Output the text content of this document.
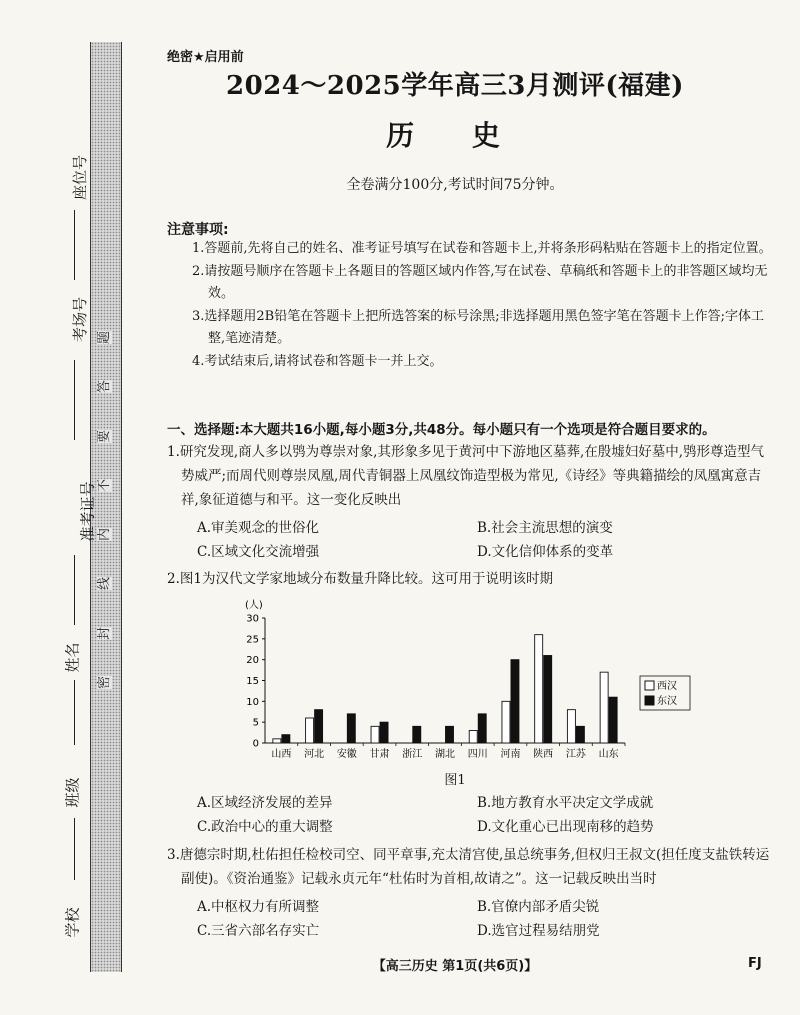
题
答
要
不
内
线
封
密
座位号
考场号
准考证号
姓名
班级
学校
绝密★启用前
2024～2025学年高三3月测评(福建)
历 史
全卷满分100分,考试时间75分钟。
注意事项:

1.答题前,先将自己的姓名、准考证号填写在试卷和答题卡上,并将条形码粘贴在答题卡上的指定位置。

2.请按题号顺序在答题卡上各题目的答题区域内作答,写在试卷、草稿纸和答题卡上的非答题区域均无效。

3.选择题用2B铅笔在答题卡上把所选答案的标号涂黑;非选择题用黑色签字笔在答题卡上作答;字体工整,笔迹清楚。

4.考试结束后,请将试卷和答题卡一并上交。

一、选择题:本大题共16小题,每小题3分,共48分。每小题只有一个选项是符合题目要求的。

1.研究发现,商人多以鸮为尊崇对象,其形象多见于黄河中下游地区墓葬,在殷墟妇好墓中,鸮形尊造型气势威严;而周代则尊崇凤凰,周代青铜器上凤凰纹饰造型极为常见,《诗经》等典籍描绘的凤凰寓意吉祥,象征道德与和平。这一变化反映出

A.审美观念的世俗化	B.社会主流思想的演变
C.区域文化交流增强	D.文化信仰体系的变革

2.图1为汉代文学家地域分布数量升降比较。这可用于说明该时期

(人)
0
5
10
15
20
25
30
山西 河北 安徽 甘肃 浙江 湖北 四川 河南 陕西 江苏 山东
西汉
东汉
图1
A.区域经济发展的差异	B.地方教育水平决定文学成就
C.政治中心的重大调整	D.文化重心已出现南移的趋势

3.唐德宗时期,杜佑担任检校司空、同平章事,充太清宫使,虽总统事务,但权归王叔文(担任度支盐铁转运副使)。《资治通鉴》记载永贞元年“杜佑时为首相,故请之”。这一记载反映出当时

A.中枢权力有所调整	B.官僚内部矛盾尖锐
C.三省六部名存实亡	D.选官过程易结朋党
【高三历史 第1页(共6页)】	FJ
